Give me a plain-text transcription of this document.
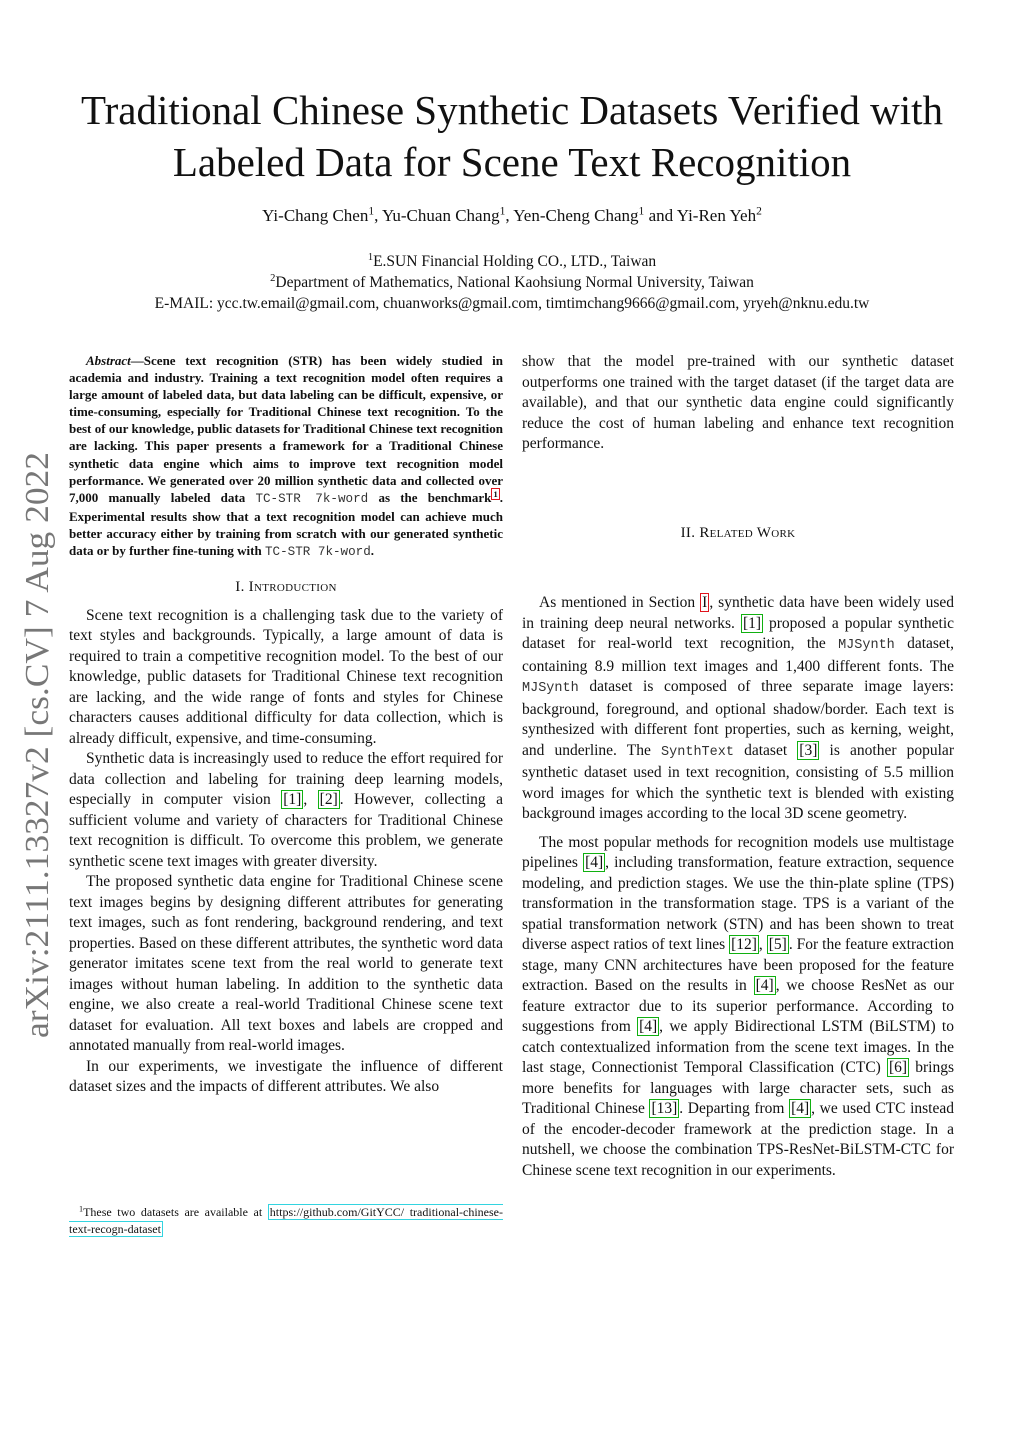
arXiv:2111.13327v2 [cs.CV] 7 Aug 2022
Traditional Chinese Synthetic Datasets Verified with
Labeled Data for Scene Text Recognition
Yi-Chang Chen$^1$, Yu-Chuan Chang$^1$, Yen-Cheng Chang$^1$ and Yi-Ren Yeh$^2$
$^1$E.SUN Financial Holding CO., LTD., Taiwan
$^2$Department of Mathematics, National Kaohsiung Normal University, Taiwan
E-MAIL: ycc.tw.email@gmail.com, chuanworks@gmail.com, timtimchang9666@gmail.com, yryeh@nknu.edu.tw

Abstract—Scene text recognition (STR) has been widely studied in academia and industry. Training a text recognition model often requires a large amount of labeled data, but data labeling can be difficult, expensive, or time-consuming, especially for Traditional Chinese text recognition. To the best of our knowledge, public datasets for Traditional Chinese text recognition are lacking. This paper presents a framework for a Traditional Chinese synthetic data engine which aims to improve text recognition model performance. We generated over 20 million synthetic data and collected over 7,000 manually labeled data TC-STR 7k-word as the benchmark $^1$ . Experimental results show that a text recognition model can achieve much better accuracy either by training from scratch with our generated synthetic data or by further fine-tuning with TC-STR 7k-word.

I. Introduction

Scene text recognition is a challenging task due to the variety of text styles and backgrounds. Typically, a large amount of data is required to train a competitive recognition model. To the best of our knowledge, public datasets for Traditional Chinese text recognition are lacking, and the wide range of fonts and styles for Chinese characters causes additional difficulty for data collection, which is already difficult, expensive, and time-consuming.

Synthetic data is increasingly used to reduce the effort required for data collection and labeling for training deep learning models, especially in computer vision [1] , [2] . However, collecting a sufficient volume and variety of characters for Traditional Chinese text recognition is difficult. To overcome this problem, we generate synthetic scene text images with greater diversity.

The proposed synthetic data engine for Traditional Chinese scene text images begins by designing different attributes for generating text images, such as font rendering, background rendering, and text properties. Based on these different attributes, the synthetic word data generator imitates scene text from the real world to generate text images without human labeling. In addition to the synthetic data engine, we also create a real-world Traditional Chinese scene text dataset for evaluation. All text boxes and labels are cropped and annotated manually from real-world images.

In our experiments, we investigate the influence of different dataset sizes and the impacts of different attributes. We also

$^1$These two datasets are available at https://github.com/GitYCC/ traditional-chinese-text-recogn-dataset

show that the model pre-trained with our synthetic dataset outperforms one trained with the target dataset (if the target data are available), and that our synthetic data engine could significantly reduce the cost of human labeling and enhance text recognition performance.

II. Related Work

As mentioned in Section I , synthetic data have been widely used in training deep neural networks. [1] proposed a popular synthetic dataset for real-world text recognition, the MJSynth dataset, containing 8.9 million text images and 1,400 different fonts. The MJSynth dataset is composed of three separate image layers: background, foreground, and optional shadow/border. Each text is synthesized with different font properties, such as kerning, weight, and underline. The SynthText dataset [3] is another popular synthetic dataset used in text recognition, consisting of 5.5 million word images for which the synthetic text is blended with existing background images according to the local 3D scene geometry.

The most popular methods for recognition models use multistage pipelines [4] , including transformation, feature extraction, sequence modeling, and prediction stages. We use the thin-plate spline (TPS) transformation in the transformation stage. TPS is a variant of the spatial transformation network (STN) and has been shown to treat diverse aspect ratios of text lines [12] , [5] . For the feature extraction stage, many CNN architectures have been proposed for the feature extraction. Based on the results in [4] , we choose ResNet as our feature extractor due to its superior performance. According to suggestions from [4] , we apply Bidirectional LSTM (BiLSTM) to catch contextualized information from the scene text images. In the last stage, Connectionist Temporal Classification (CTC) [6] brings more benefits for languages with large character sets, such as Traditional Chinese [13] . Departing from [4] , we used CTC instead of the encoder-decoder framework at the prediction stage. In a nutshell, we choose the combination TPS-ResNet-BiLSTM-CTC for Chinese scene text recognition in our experiments.
